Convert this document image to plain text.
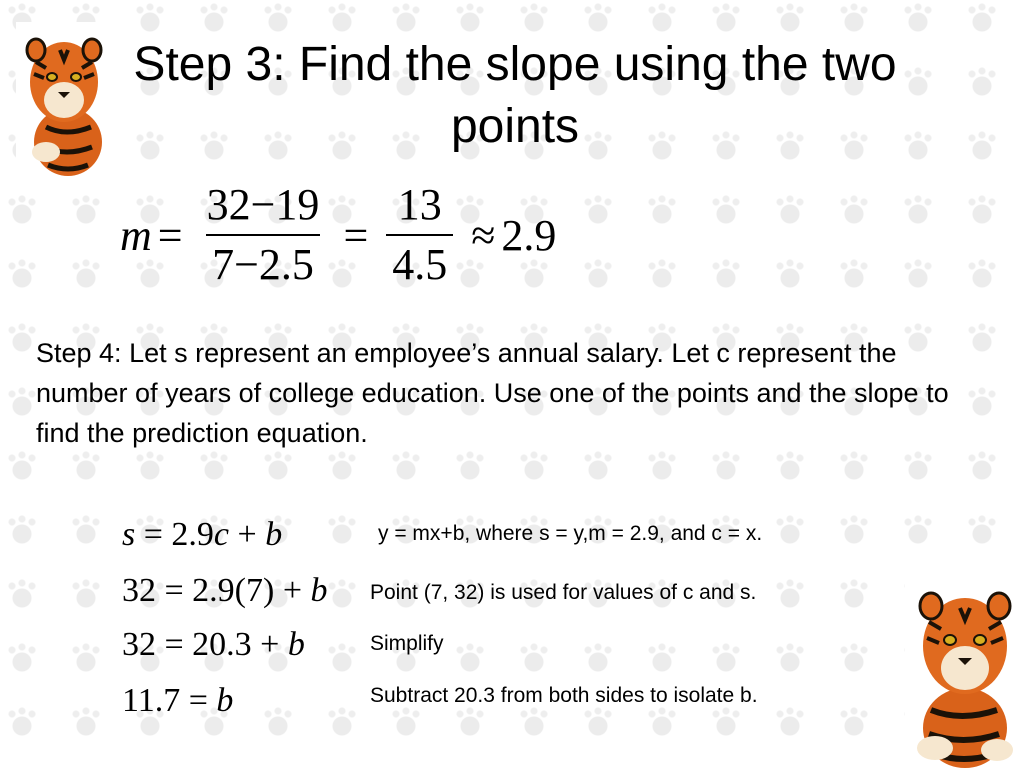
Step 3: Find the slope using the two points
$m = \frac{32-19}{7-2.5} = \frac{13}{4.5} \approx 2.9$

Step 4: Let s represent an employee’s annual salary. Let c represent the number of years of college education. Use one of the points and the slope to find the prediction equation.

s = 2.9c + b	y = mx+b, where s = y,m = 2.9, and c = x.
32 = 2.9(7) + b Point (7, 32) is used for values of c and s.
32 = 20.3 + b	Simplify
11.7 = b	Subtract 20.3 from both sides to isolate b.
